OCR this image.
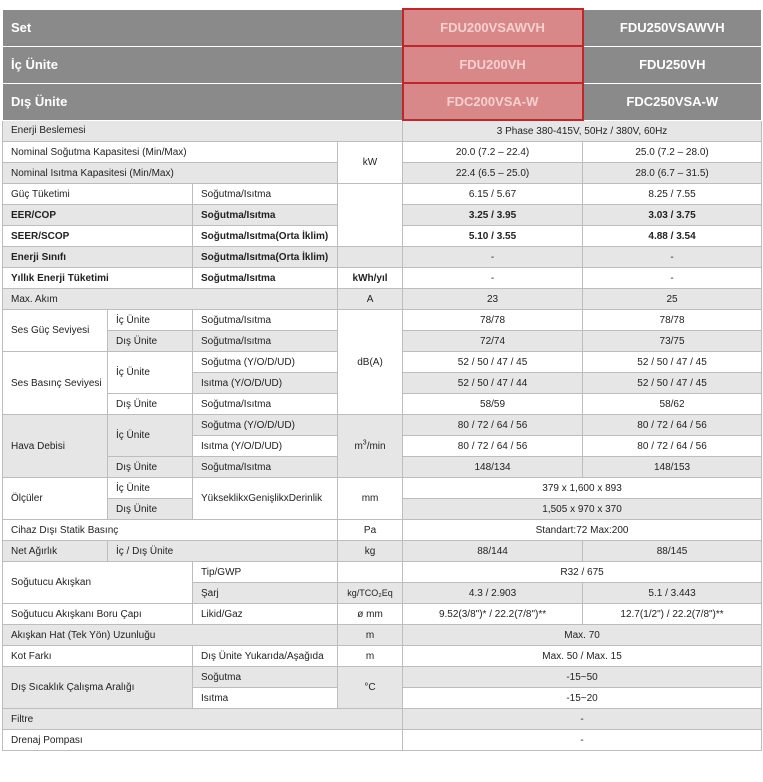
Set				FDU200VSAWVH	FDU250VSAWVH
İç Ünite				FDU200VH	FDU250VH
Dış Ünite				FDC200VSA-W	FDC250VSA-W
Enerji Beslemesi				3 Phase 380-415V, 50Hz / 380V, 60Hz	
Nominal Soğutma Kapasitesi (Min/Max)			kW	20.0 (7.2 – 22.4)	25.0 (7.2 – 28.0)
Nominal Isıtma Kapasitesi (Min/Max)				22.4 (6.5 – 25.0)	28.0 (6.7 – 31.5)
Güç Tüketimi		Soğutma/Isıtma		6.15 / 5.67	8.25 / 7.55
EER/COP		Soğutma/Isıtma		3.25 / 3.95	3.03 / 3.75
SEER/SCOP		Soğutma/Isıtma(Orta İklim)		5.10 / 3.55	4.88 / 3.54
Enerji Sınıfı		Soğutma/Isıtma(Orta İklim)		-	-
Yıllık Enerji Tüketimi		Soğutma/Isıtma	kWh/yıl	-	-
Max. Akım			A	23	25
Ses Güç Seviyesi	İç Ünite	Soğutma/Isıtma	dB(A)	78/78	78/78
	Dış Ünite	Soğutma/Isıtma		72/74	73/75
Ses Basınç Seviyesi	İç Ünite	Soğutma (Y/O/D/UD)		52 / 50 / 47 / 45	52 / 50 / 47 / 45
		Isıtma (Y/O/D/UD)		52 / 50 / 47 / 44	52 / 50 / 47 / 45
	Dış Ünite	Soğutma/Isıtma		58/59	58/62
Hava Debisi	İç Ünite	Soğutma (Y/O/D/UD)	$m^3/\min$	80 / 72 / 64 / 56	80 / 72 / 64 / 56
		Isıtma (Y/O/D/UD)		80 / 72 / 64 / 56	80 / 72 / 64 / 56
	Dış Ünite	Soğutma/Isıtma		148/134	148/153
Ölçüler	İç Ünite	YükseklikxGenişlikxDerinlik	mm	379 x 1,600 x 893	
	Dış Ünite			1,505 x 970 x 370	
Cihaz Dışı Statik Basınç			Pa	Standart:72 Max:200	
Net Ağırlık	İç / Dış Ünite		kg	88/144	88/145
Soğutucu Akışkan		Tip/GWP		R32 / 675	
		Şarj	kg/TCO₂Eq	4.3 / 2.903	5.1 / 3.443
Soğutucu Akışkanı Boru Çapı		Likid/Gaz	ø mm	9.52(3/8")* / 22.2(7/8")**	12.7(1/2") / 22.2(7/8")**
Akışkan Hat (Tek Yön) Uzunluğu			m	Max. 70	
Kot Farkı		Dış Ünite Yukarıda/Aşağıda	m	Max. 50 / Max. 15	
Dış Sıcaklık Çalışma Aralığı		Soğutma	°C	-15~50	
		Isıtma		-15~20	
Filtre				-	
Drenaj Pompası				-	
